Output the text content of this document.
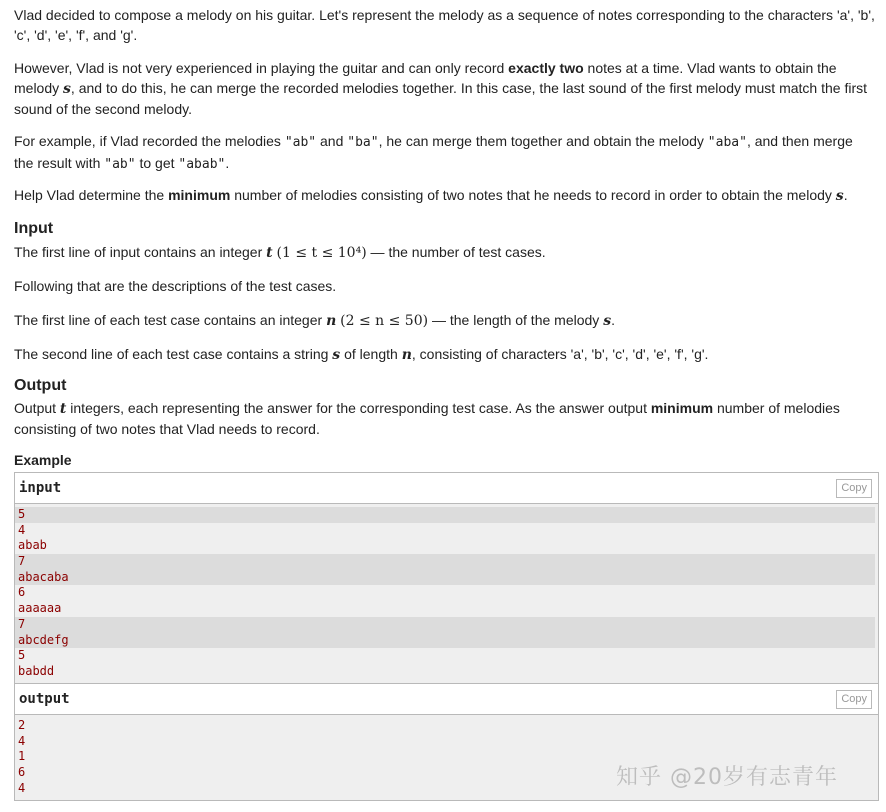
Vlad decided to compose a melody on his guitar. Let's represent the melody as a sequence of notes corresponding to the characters 'a', 'b', 'c', 'd', 'e', 'f', and 'g'.

However, Vlad is not very experienced in playing the guitar and can only record exactly two notes at a time. Vlad wants to obtain the melody s, and to do this, he can merge the recorded melodies together. In this case, the last sound of the first melody must match the first sound of the second melody.

For example, if Vlad recorded the melodies "ab" and "ba", he can merge them together and obtain the melody "aba", and then merge the result with "ab" to get "abab".

Help Vlad determine the minimum number of melodies consisting of two notes that he needs to record in order to obtain the melody s.

Input

The first line of input contains an integer t (1 ≤ t ≤ 10⁴) — the number of test cases.

Following that are the descriptions of the test cases.

The first line of each test case contains an integer n (2 ≤ n ≤ 50) — the length of the melody s.

The second line of each test case contains a string s of length n, consisting of characters 'a', 'b', 'c', 'd', 'e', 'f', 'g'.

Output

Output t integers, each representing the answer for the corresponding test case. As the answer output minimum number of melodies consisting of two notes that Vlad needs to record.

Example
input	Copy
5
4
abab
7
abacaba
6
aaaaaa
7
abcdefg
5
babdd
output	Copy
2
4
1
6
4	知乎 @20岁有志青年
